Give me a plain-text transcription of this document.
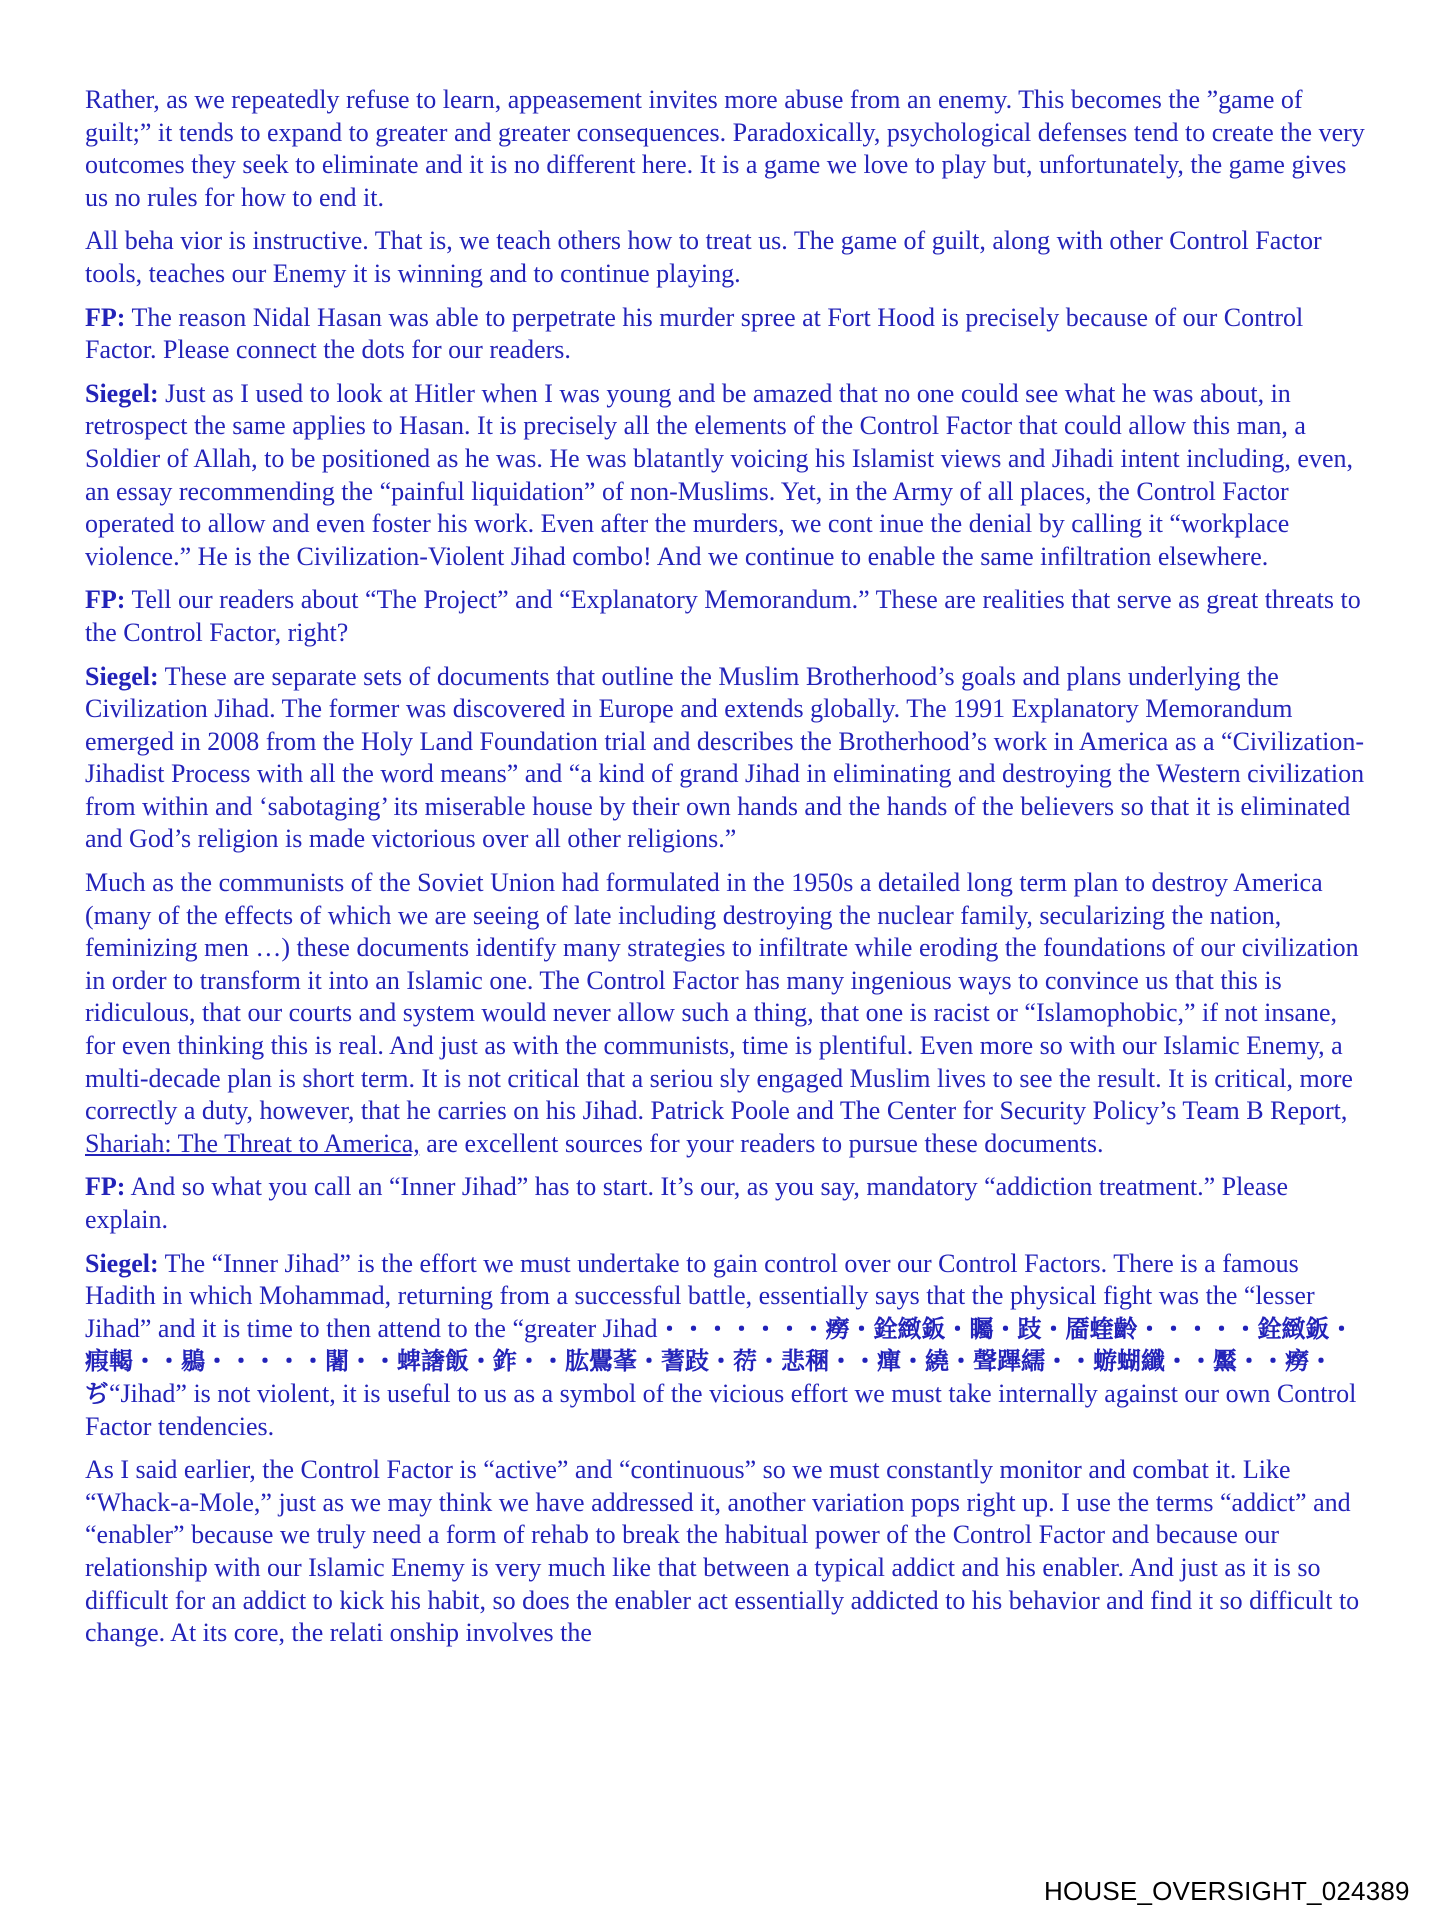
Rather, as we repeatedly refuse to learn, appeasement invites more abuse from an enemy. This becomes the ”game of guilt;” it tends to expand to greater and greater consequences. Paradoxically, psychological defenses tend to create the very outcomes they seek to eliminate and it is no different here. It is a game we love to play but, unfortunately, the game gives us no rules for how to end it.

All beha vior is instructive. That is, we teach others how to treat us. The game of guilt, along with other Control Factor tools, teaches our Enemy it is winning and to continue playing.

FP: The reason Nidal Hasan was able to perpetrate his murder spree at Fort Hood is precisely because of our Control Factor. Please connect the dots for our readers.

Siegel: Just as I used to look at Hitler when I was young and be amazed that no one could see what he was about, in retrospect the same applies to Hasan. It is precisely all the elements of the Control Factor that could allow this man, a Soldier of Allah, to be positioned as he was. He was blatantly voicing his Islamist views and Jihadi intent including, even, an essay recommending the “painful liquidation” of non-Muslims. Yet, in the Army of all places, the Control Factor operated to allow and even foster his work. Even after the murders, we cont inue the denial by calling it “workplace violence.” He is the Civilization-Violent Jihad combo! And we continue to enable the same infiltration elsewhere.

FP: Tell our readers about “The Project” and “Explanatory Memorandum.” These are realities that serve as great threats to the Control Factor, right?

Siegel: These are separate sets of documents that outline the Muslim Brotherhood’s goals and plans underlying the Civilization Jihad. The former was discovered in Europe and extends globally. The 1991 Explanatory Memorandum emerged in 2008 from the Holy Land Foundation trial and describes the Brotherhood’s work in America as a “Civilization-Jihadist Process with all the word means” and “a kind of grand Jihad in eliminating and destroying the Western civilization from within and ‘sabotaging’ its miserable house by their own hands and the hands of the believers so that it is eliminated and God’s religion is made victorious over all other religions.”

Much as the communists of the Soviet Union had formulated in the 1950s a detailed long term plan to destroy America (many of the effects of which we are seeing of late including destroying the nuclear family, secularizing the nation, feminizing men …) these documents identify many strategies to infiltrate while eroding the foundations of our civilization in order to transform it into an Islamic one. The Control Factor has many ingenious ways to convince us that this is ridiculous, that our courts and system would never allow such a thing, that one is racist or “Islamophobic,” if not insane, for even thinking this is real. And just as with the communists, time is plentiful. Even more so with our Islamic Enemy, a multi-decade plan is short term. It is not critical that a seriou sly engaged Muslim lives to see the result. It is critical, more correctly a duty, however, that he carries on his Jihad. Patrick Poole and The Center for Security Policy’s Team B Report, Shariah: The Threat to America, are excellent sources for your readers to pursue these documents.

FP: And so what you call an “Inner Jihad” has to start. It’s our, as you say, mandatory “addiction treatment.” Please explain.

Siegel: The “Inner Jihad” is the effort we must undertake to gain control over our Control Factors. There is a famous Hadith in which Mohammad, returning from a successful battle, essentially says that the physical fight was the “lesser Jihad” and it is time to then attend to the “greater Jihad・・・・・・・癆・銓緻鈑・矚・跂・靥蝰齡・・・・・銓緻鈑・瘕輵・・鶍・・・・・闍・・蜱譇飯・鈼・・肱鷪莑・蓍跂・葕・悲稛・・癉・繞・聲蹕繻・・蝣蝴纖・・黶・・癆・ぢ“Jihad” is not violent, it is useful to us as a symbol of the vicious effort we must take internally against our own Control Factor tendencies.

As I said earlier, the Control Factor is “active” and “continuous” so we must constantly monitor and combat it. Like “Whack-a-Mole,” just as we may think we have addressed it, another variation pops right up. I use the terms “addict” and “enabler” because we truly need a form of rehab to break the habitual power of the Control Factor and because our relationship with our Islamic Enemy is very much like that between a typical addict and his enabler. And just as it is so difficult for an addict to kick his habit, so does the enabler act essentially addicted to his behavior and find it so difficult to change. At its core, the relati onship involves the

HOUSE_OVERSIGHT_024389
